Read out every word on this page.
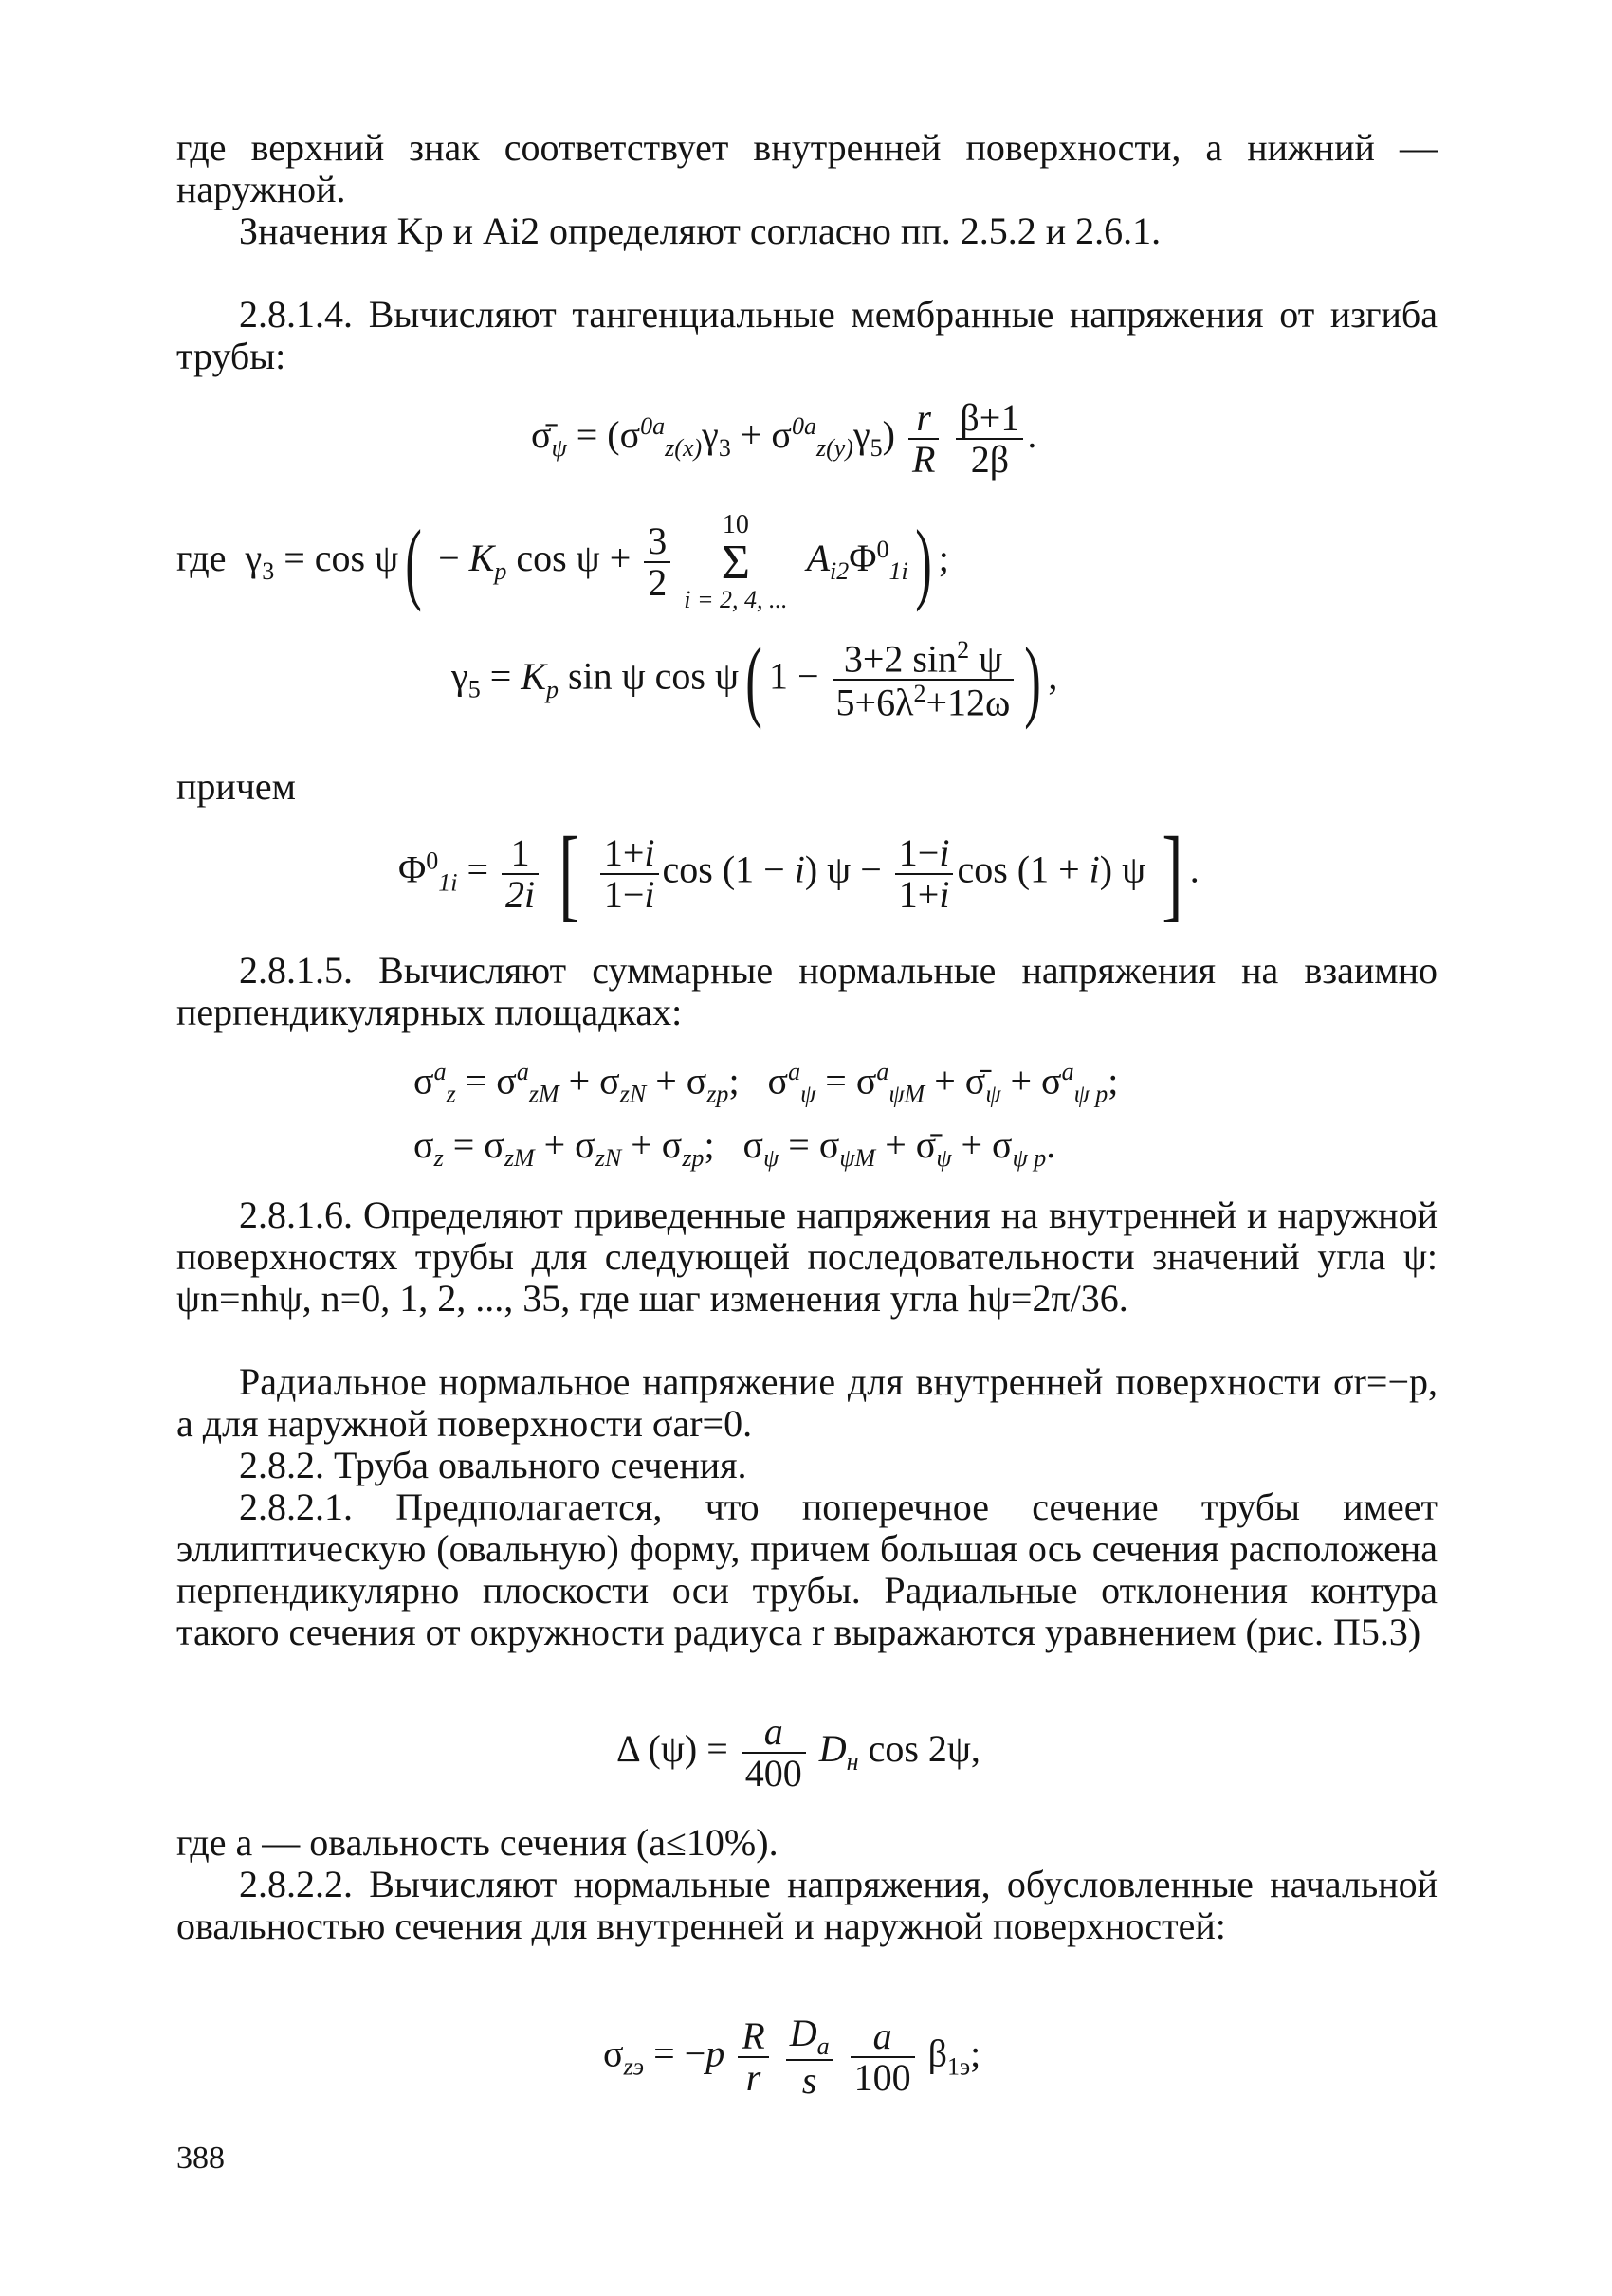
где верхний знак соответствует внутренней поверхности, а нижний — наружной.

Значения Kp и Ai2 определяют согласно пп. 2.5.2 и 2.6.1.

2.8.1.4. Вычисляют тангенциальные мембранные напряжения от изгиба трубы:

$\sigmā_\psi = (\sigma^{0a}_{z(x)}\gamma_3 + \sigma^{0a}_{z(y)}\gamma_5) \frac{r}{R}$
$\frac{\beta+1}{2\beta}$ .
где  $\gamma_3 = \cos \psi( - K_p$ $\cos \psi + \frac{3}{2}$
	10
Σ
i = 2, 4, ...
$A_{i2}\Phi^0_{1i}$) ;
$\gamma_5 = K_p$ sin ψ cos ψ( $1 - \frac{3+2 \sin^2 \psi}{5+6\lambda^2+12\omega}$ ) ,

причем

$\Phi^0_{1i} = \frac{1}{2i}$ [ $\frac{1+i}{1-i}$ cos (1 − i) $\psi - \frac{1-i}{1+i}$ cos (1 + i) ψ ] .

2.8.1.5. Вычисляют суммарные нормальные напряжения на взаимно перпендикулярных площадках:

$\sigma^a_z = \sigma^a_{zM} + \sigma_{zN} + \sigma_{zp}$;   $\sigma^a_\psi = \sigma^a_{\psi M}$ + $\sigmā_\psi + \sigma^a_{\psi p}$;
$\sigma_z = \sigma_{zM} + \sigma_{zN} + \sigma_{zp}$;   $\sigma_\psi = \sigma_{\psi M}$ + $\sigmā_\psi + \sigma_{\psi p}$.

2.8.1.6. Определяют приведенные напряжения на внутренней и наружной поверхностях трубы для следующей последовательности значений угла ψ: ψn=nhψ, n=0, 1, 2, ..., 35, где шаг изменения угла hψ=2π/36.

Радиальное нормальное напряжение для внутренней поверхности σr=−p, а для наружной поверхности σar=0.

2.8.2. Труба овального сечения.

2.8.2.1. Предполагается, что поперечное сечение трубы имеет эллиптическую (овальную) форму, причем большая ось сечения расположена перпендикулярно плоскости оси трубы. Радиальные отклонения контура такого сечения от окружности радиуса r выражаются уравнением (рис. П5.3)

Δ $(\psi) = \frac{a}{400} D_н$ cos 2ψ,

где a — овальность сечения (a≤10%).

2.8.2.2. Вычисляют нормальные напряжения, обусловленные начальной овальностью сечения для внутренней и наружной поверхностей:

$\sigma_{zэ} = -p \frac{R}{r}$
$\frac{D_a}{s}$
$\frac{a}{100} \beta_{1э}$;
388
